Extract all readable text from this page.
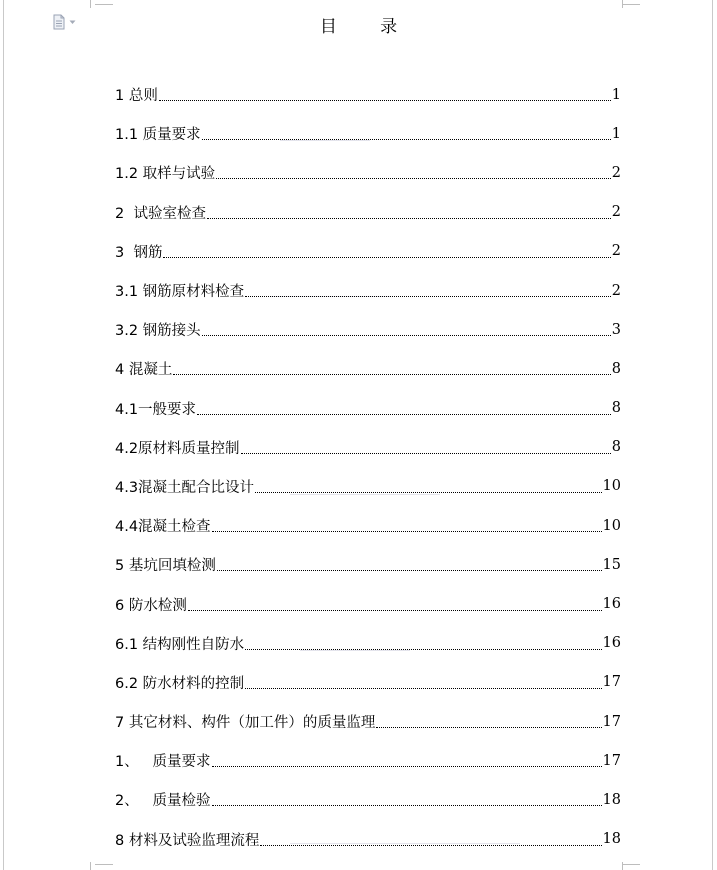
目        录
1 总则	1
1.1 质量要求	1
1.2 取样与试验	2
2  试验室检查	2
3  钢筋	2
3.1 钢筋原材料检查	2
3.2 钢筋接头	3
4 混凝土	8
4.1一般要求	8
4.2原材料质量控制	8
4.3混凝土配合比设计	10
4.4混凝土检查	10
5 基坑回填检测	15
6 防水检测	16
6.1 结构刚性自防水	16
6.2 防水材料的控制	17
7 其它材料、构件（加工件）的质量监理	17
1、   质量要求	17
2、   质量检验	18
8 材料及试验监理流程	18
